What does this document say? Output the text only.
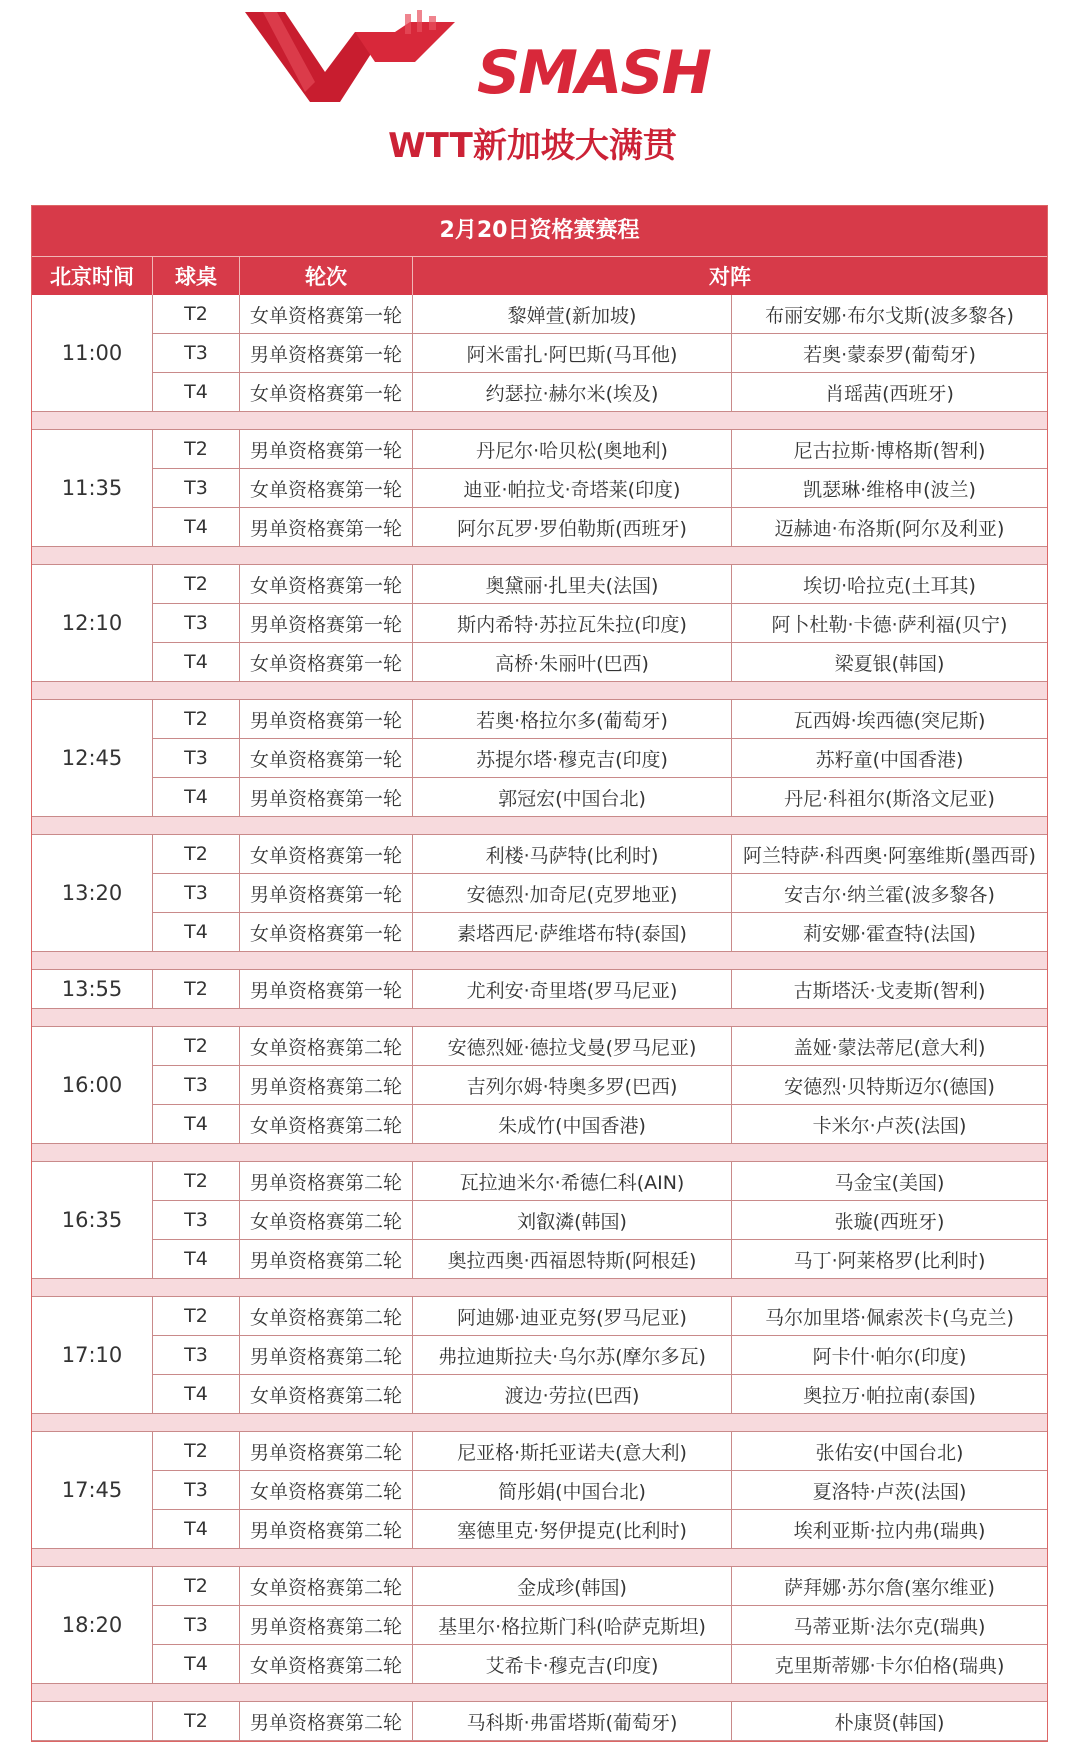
SMASH
WTT新加坡大满贯
2月20日资格赛赛程
北京时间	球桌	轮次	对阵
11:00
T2	女单资格赛第一轮	黎婵萱(新加坡)	布丽安娜·布尔戈斯(波多黎各)
T3	男单资格赛第一轮	阿米雷扎·阿巴斯(马耳他)	若奥·蒙泰罗(葡萄牙)
T4	女单资格赛第一轮	约瑟拉·赫尔米(埃及)	肖瑶茜(西班牙)
11:35
T2	男单资格赛第一轮	丹尼尔·哈贝松(奥地利)	尼古拉斯·博格斯(智利)
T3	女单资格赛第一轮	迪亚·帕拉戈·奇塔莱(印度)	凯瑟琳·维格申(波兰)
T4	男单资格赛第一轮	阿尔瓦罗·罗伯勒斯(西班牙)	迈赫迪·布洛斯(阿尔及利亚)
12:10
T2	女单资格赛第一轮	奥黛丽·扎里夫(法国)	埃切·哈拉克(土耳其)
T3	男单资格赛第一轮	斯内希特·苏拉瓦朱拉(印度)	阿卜杜勒·卡德·萨利福(贝宁)
T4	女单资格赛第一轮	高桥·朱丽叶(巴西)	梁夏银(韩国)
12:45
T2	男单资格赛第一轮	若奥·格拉尔多(葡萄牙)	瓦西姆·埃西德(突尼斯)
T3	女单资格赛第一轮	苏提尔塔·穆克吉(印度)	苏籽童(中国香港)
T4	男单资格赛第一轮	郭冠宏(中国台北)	丹尼·科祖尔(斯洛文尼亚)
13:20
T2	女单资格赛第一轮	利楼·马萨特(比利时)	阿兰特萨·科西奥·阿塞维斯(墨西哥)
T3	男单资格赛第一轮	安德烈·加奇尼(克罗地亚)	安吉尔·纳兰霍(波多黎各)
T4	女单资格赛第一轮	素塔西尼·萨维塔布特(泰国)	莉安娜·霍查特(法国)
13:55	T2	男单资格赛第一轮	尤利安·奇里塔(罗马尼亚)	古斯塔沃·戈麦斯(智利)
16:00
T2	女单资格赛第二轮	安德烈娅·德拉戈曼(罗马尼亚)	盖娅·蒙法蒂尼(意大利)
T3	男单资格赛第二轮	吉列尔姆·特奥多罗(巴西)	安德烈·贝特斯迈尔(德国)
T4	女单资格赛第二轮	朱成竹(中国香港)	卡米尔·卢茨(法国)
16:35
T2	男单资格赛第二轮	瓦拉迪米尔·希德仁科(AIN)	马金宝(美国)
T3	女单资格赛第二轮	刘叡潾(韩国)	张璇(西班牙)
T4	男单资格赛第二轮	奥拉西奥·西福恩特斯(阿根廷)	马丁·阿莱格罗(比利时)
17:10
T2	女单资格赛第二轮	阿迪娜·迪亚克努(罗马尼亚)	马尔加里塔·佩索茨卡(乌克兰)
T3	男单资格赛第二轮	弗拉迪斯拉夫·乌尔苏(摩尔多瓦)	阿卡什·帕尔(印度)
T4	女单资格赛第二轮	渡边·劳拉(巴西)	奥拉万·帕拉南(泰国)
17:45
T2	男单资格赛第二轮	尼亚格·斯托亚诺夫(意大利)	张佑安(中国台北)
T3	女单资格赛第二轮	简彤娟(中国台北)	夏洛特·卢茨(法国)
T4	男单资格赛第二轮	塞德里克·努伊提克(比利时)	埃利亚斯·拉内弗(瑞典)
18:20
T2	女单资格赛第二轮	金成珍(韩国)	萨拜娜·苏尔詹(塞尔维亚)
T3	男单资格赛第二轮	基里尔·格拉斯门科(哈萨克斯坦)	马蒂亚斯·法尔克(瑞典)
T4	女单资格赛第二轮	艾希卡·穆克吉(印度)	克里斯蒂娜·卡尔伯格(瑞典)
T2	男单资格赛第二轮	马科斯·弗雷塔斯(葡萄牙)	朴康贤(韩国)
